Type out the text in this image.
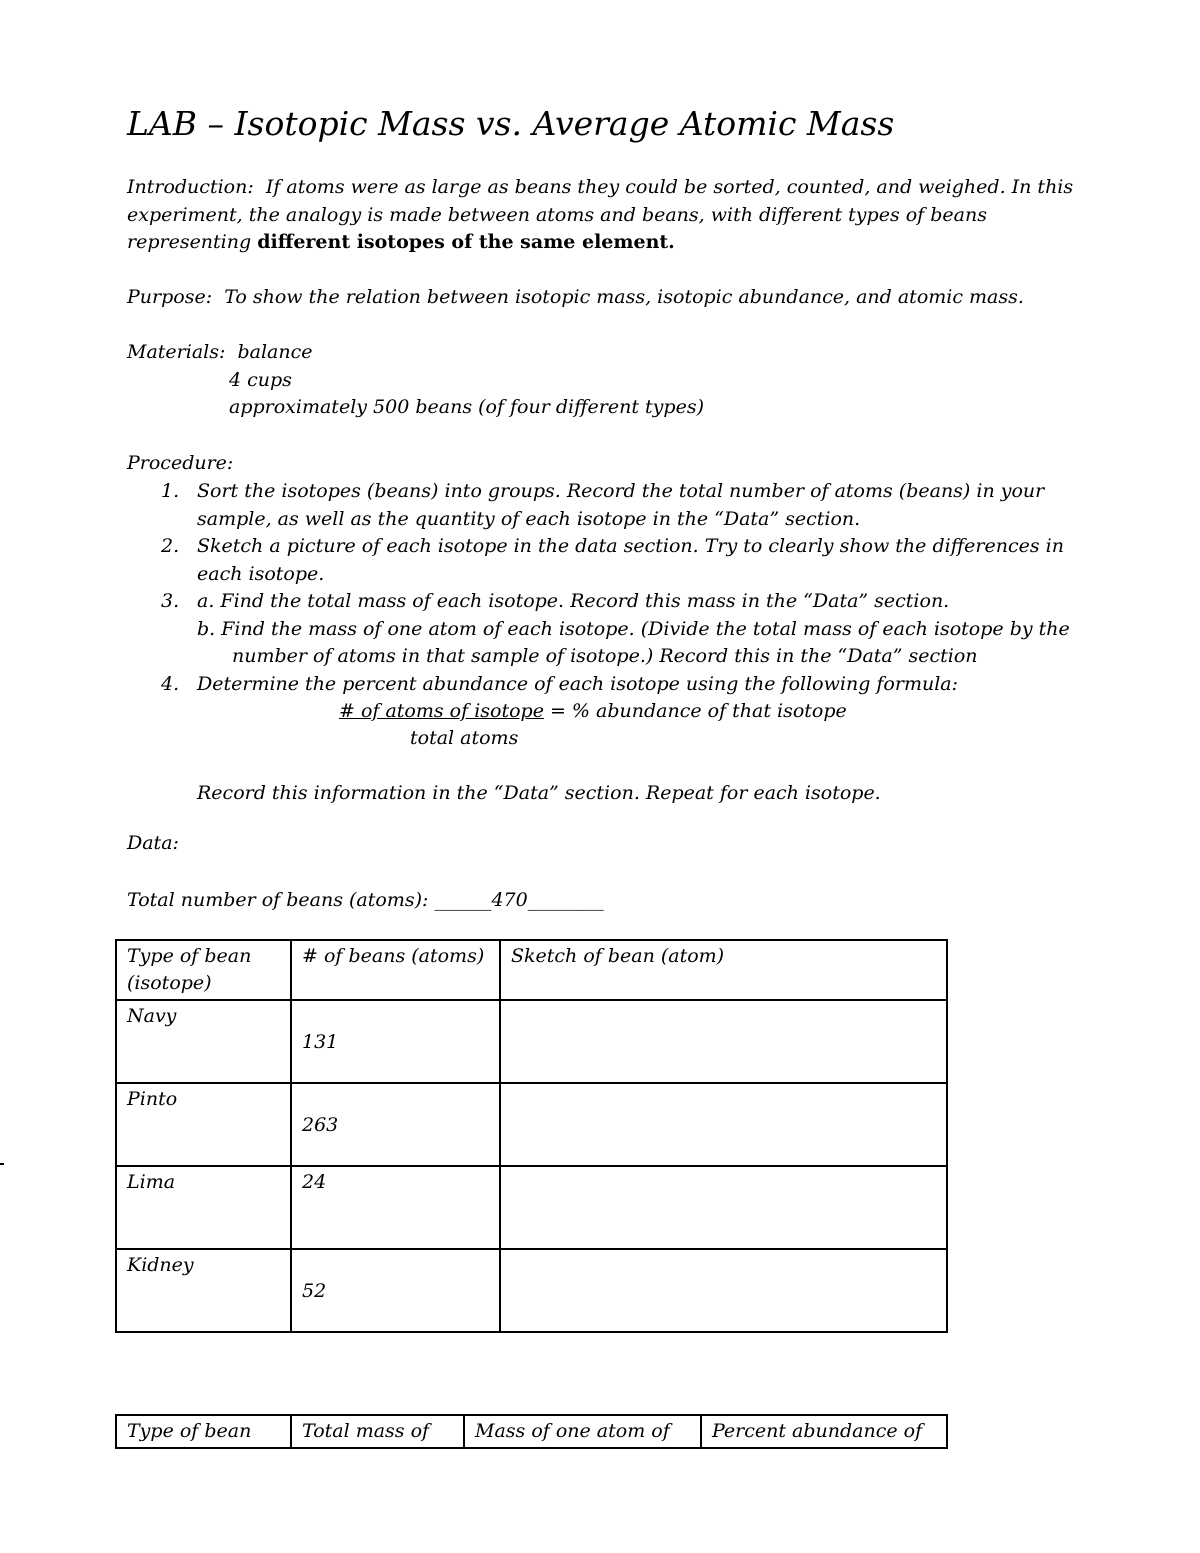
LAB – Isotopic Mass vs. Average Atomic Mass
Introduction: If atoms were as large as beans they could be sorted, counted, and weighed. In this experiment, the analogy is made between atoms and beans, with different types of beans representing different isotopes of the same element.
Purpose: To show the relation between isotopic mass, isotopic abundance, and atomic mass.
Materials: balance
4 cups
approximately 500 beans (of four different types)
Procedure:
1. Sort the isotopes (beans) into groups. Record the total number of atoms (beans) in your sample, as well as the quantity of each isotope in the “Data” section.
2. Sketch a picture of each isotope in the data section. Try to clearly show the differences in each isotope.
3. a. Find the total mass of each isotope. Record this mass in the “Data” section.
b. Find the mass of one atom of each isotope. (Divide the total mass of each isotope by the number of atoms in that sample of isotope.) Record this in the “Data” section
4. Determine the percent abundance of each isotope using the following formula:
# of atoms of isotope = % abundance of that isotope
total atoms
Record this information in the “Data” section. Repeat for each isotope.
Data:
Total number of beans (atoms): ______470________
Type of bean (isotope)	# of beans (atoms)	Sketch of bean (atom)
Navy	131	

Pinto	263	

Lima	24	

Kidney	52	

Type of bean	Total mass of	Mass of one atom of	Percent abundance of
